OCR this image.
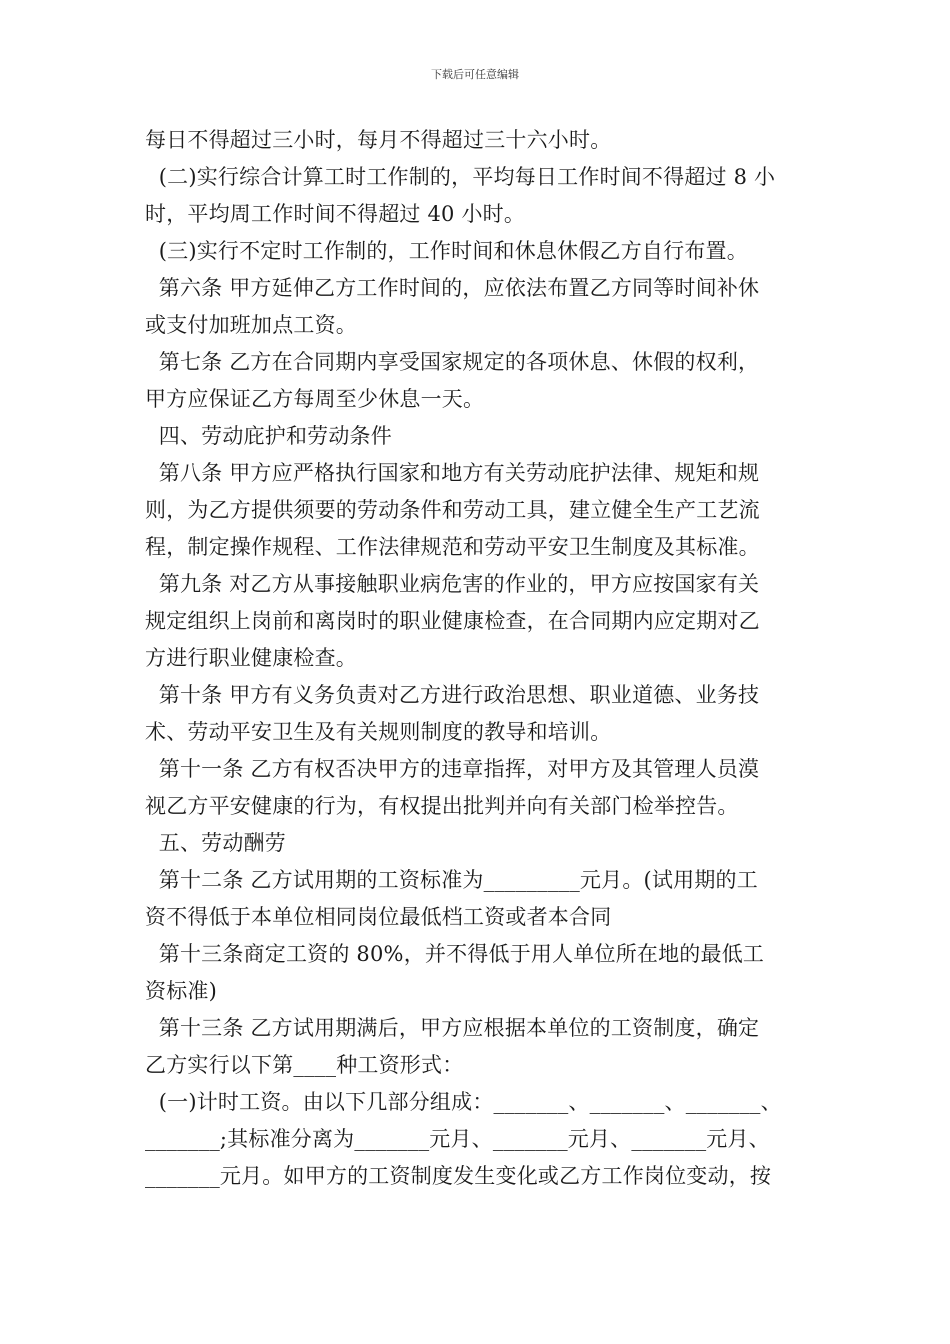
下载后可任意编辑
每日不得超过三小时，每月不得超过三十六小时。
(二)实行综合计算工时工作制的，平均每日工作时间不得超过 8 小
时，平均周工作时间不得超过 40 小时。
(三)实行不定时工作制的，工作时间和休息休假乙方自行布置。
第六条 甲方延伸乙方工作时间的，应依法布置乙方同等时间补休
或支付加班加点工资。
第七条 乙方在合同期内享受国家规定的各项休息、休假的权利，
甲方应保证乙方每周至少休息一天。
四、劳动庇护和劳动条件
第八条 甲方应严格执行国家和地方有关劳动庇护法律、规矩和规
则，为乙方提供须要的劳动条件和劳动工具，建立健全生产工艺流
程，制定操作规程、工作法律规范和劳动平安卫生制度及其标准。
第九条 对乙方从事接触职业病危害的作业的，甲方应按国家有关
规定组织上岗前和离岗时的职业健康检查，在合同期内应定期对乙
方进行职业健康检查。
第十条 甲方有义务负责对乙方进行政治思想、职业道德、业务技
术、劳动平安卫生及有关规则制度的教导和培训。
第十一条 乙方有权否决甲方的违章指挥，对甲方及其管理人员漠
视乙方平安健康的行为，有权提出批判并向有关部门检举控告。
五、劳动酬劳
第十二条 乙方试用期的工资标准为_________元月。(试用期的工
资不得低于本单位相同岗位最低档工资或者本合同
第十三条商定工资的 80%，并不得低于用人单位所在地的最低工
资标准)
第十三条 乙方试用期满后，甲方应根据本单位的工资制度，确定
乙方实行以下第____种工资形式：
(一)计时工资。由以下几部分组成：_______、_______、_______、
_______;其标准分离为_______元月、_______元月、_______元月、
_______元月。如甲方的工资制度发生变化或乙方工作岗位变动，按
